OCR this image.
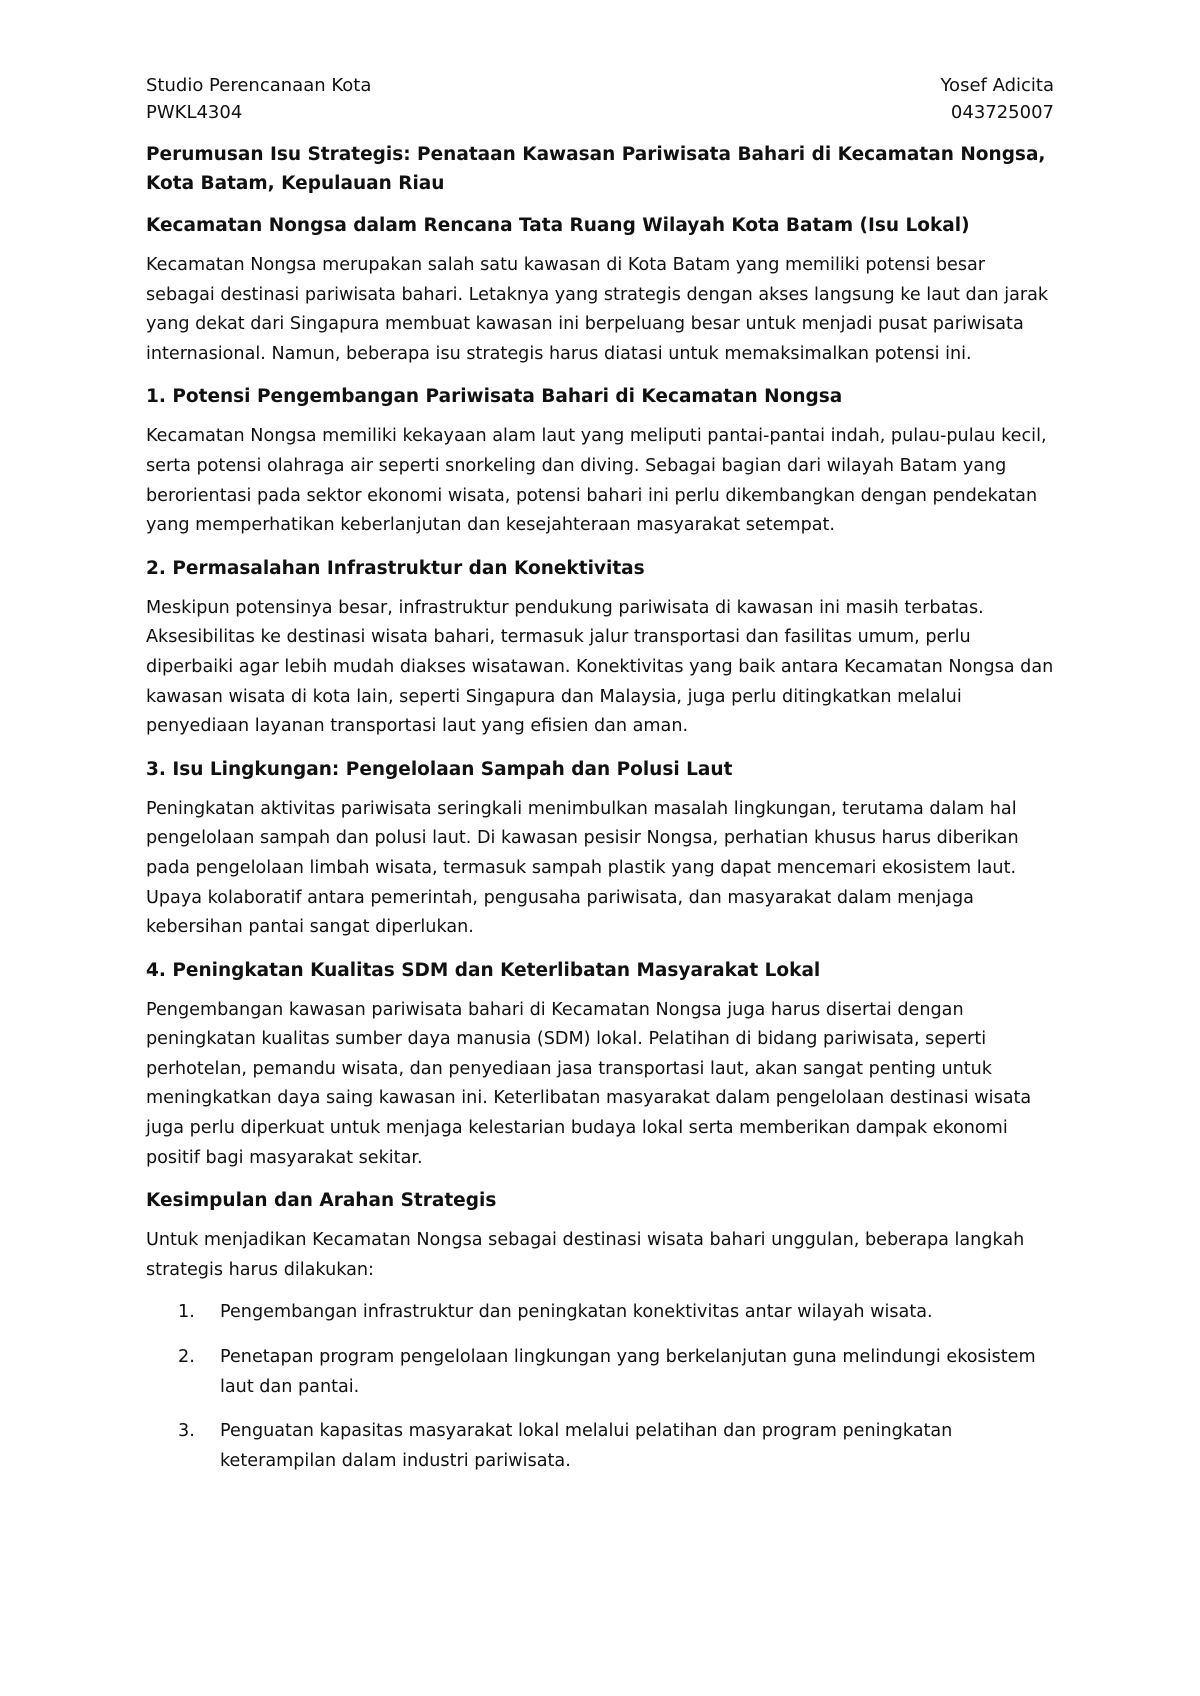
Studio Perencanaan Kota	Yosef Adicita
PWKL4304	043725007
Perumusan Isu Strategis: Penataan Kawasan Pariwisata Bahari di Kecamatan Nongsa, Kota Batam, Kepulauan Riau
Kecamatan Nongsa dalam Rencana Tata Ruang Wilayah Kota Batam (Isu Lokal)
Kecamatan Nongsa merupakan salah satu kawasan di Kota Batam yang memiliki potensi besar sebagai destinasi pariwisata bahari. Letaknya yang strategis dengan akses langsung ke laut dan jarak yang dekat dari Singapura membuat kawasan ini berpeluang besar untuk menjadi pusat pariwisata internasional. Namun, beberapa isu strategis harus diatasi untuk memaksimalkan potensi ini.
1. Potensi Pengembangan Pariwisata Bahari di Kecamatan Nongsa
Kecamatan Nongsa memiliki kekayaan alam laut yang meliputi pantai-pantai indah, pulau-pulau kecil, serta potensi olahraga air seperti snorkeling dan diving. Sebagai bagian dari wilayah Batam yang berorientasi pada sektor ekonomi wisata, potensi bahari ini perlu dikembangkan dengan pendekatan yang memperhatikan keberlanjutan dan kesejahteraan masyarakat setempat.
2. Permasalahan Infrastruktur dan Konektivitas
Meskipun potensinya besar, infrastruktur pendukung pariwisata di kawasan ini masih terbatas. Aksesibilitas ke destinasi wisata bahari, termasuk jalur transportasi dan fasilitas umum, perlu diperbaiki agar lebih mudah diakses wisatawan. Konektivitas yang baik antara Kecamatan Nongsa dan kawasan wisata di kota lain, seperti Singapura dan Malaysia, juga perlu ditingkatkan melalui penyediaan layanan transportasi laut yang efisien dan aman.
3. Isu Lingkungan: Pengelolaan Sampah dan Polusi Laut
Peningkatan aktivitas pariwisata seringkali menimbulkan masalah lingkungan, terutama dalam hal pengelolaan sampah dan polusi laut. Di kawasan pesisir Nongsa, perhatian khusus harus diberikan pada pengelolaan limbah wisata, termasuk sampah plastik yang dapat mencemari ekosistem laut. Upaya kolaboratif antara pemerintah, pengusaha pariwisata, dan masyarakat dalam menjaga kebersihan pantai sangat diperlukan.
4. Peningkatan Kualitas SDM dan Keterlibatan Masyarakat Lokal
Pengembangan kawasan pariwisata bahari di Kecamatan Nongsa juga harus disertai dengan peningkatan kualitas sumber daya manusia (SDM) lokal. Pelatihan di bidang pariwisata, seperti perhotelan, pemandu wisata, dan penyediaan jasa transportasi laut, akan sangat penting untuk meningkatkan daya saing kawasan ini. Keterlibatan masyarakat dalam pengelolaan destinasi wisata juga perlu diperkuat untuk menjaga kelestarian budaya lokal serta memberikan dampak ekonomi positif bagi masyarakat sekitar.
Kesimpulan dan Arahan Strategis
Untuk menjadikan Kecamatan Nongsa sebagai destinasi wisata bahari unggulan, beberapa langkah strategis harus dilakukan:
1.	Pengembangan infrastruktur dan peningkatan konektivitas antar wilayah wisata.
2.	Penetapan program pengelolaan lingkungan yang berkelanjutan guna melindungi ekosistem laut dan pantai.
3.	Penguatan kapasitas masyarakat lokal melalui pelatihan dan program peningkatan keterampilan dalam industri pariwisata.
